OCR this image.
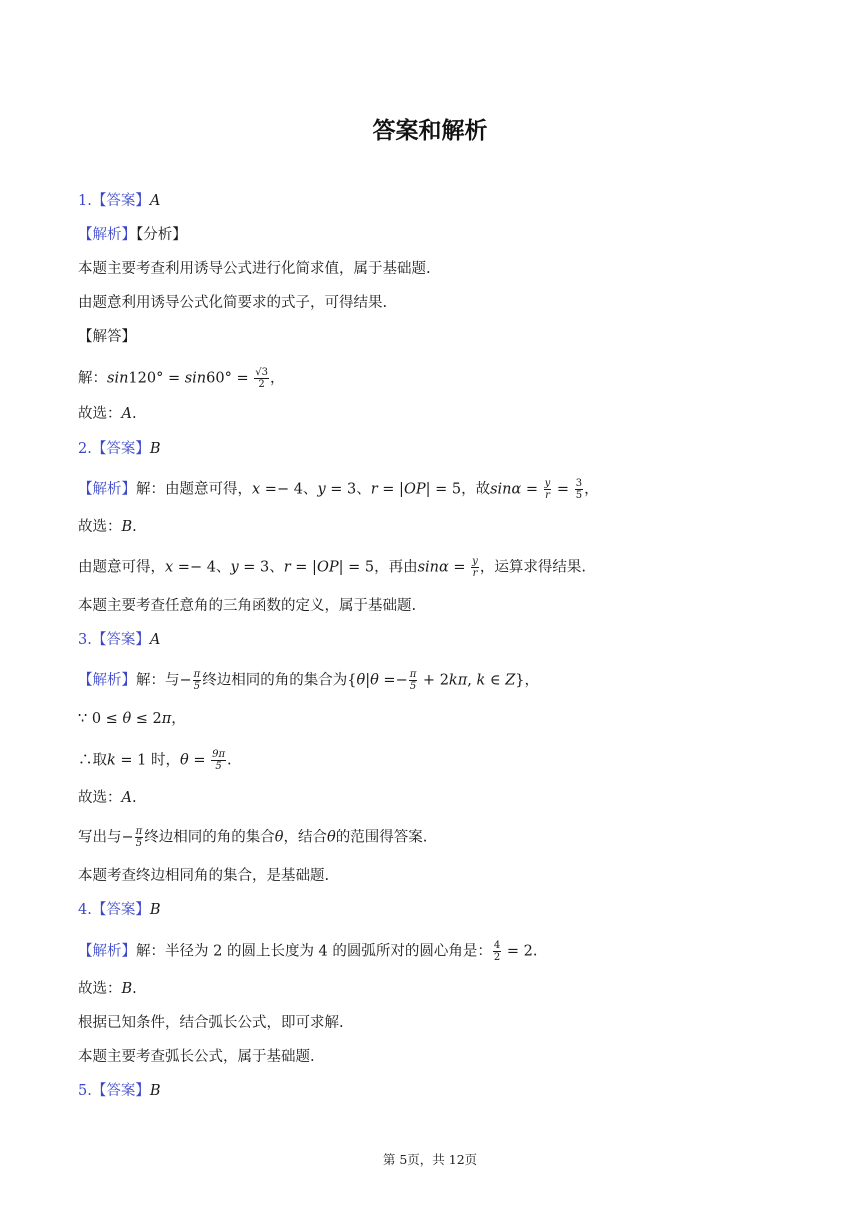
答案和解析
1.【答案】A
【解析】【分析】
本题主要考查利用诱导公式进行化简求值，属于基础题.
由题意利用诱导公式化简要求的式子，可得结果.
【解答】
解：$\sin 120^\circ = \sin 60^\circ = \frac{√3}{2}$ ，
故选：A.
2.【答案】B
【解析】解：由题意可得，x =− 4、y = 3、r = |OP| = 5，故$\sin\alpha = \frac{y}{r} = \frac{3}{5}$ ，
故选：B.
由题意可得，x =− 4、y = 3、r = |OP| = 5，再由$\sin\alpha = \frac{y}{r}$ ，运算求得结果.
本题主要考查任意角的三角函数的定义，属于基础题.
3.【答案】A
【解析】解：与− $\frac{\pi}{5}$ 终边相同的角的集合为{$\theta|\theta =- \frac{\pi}{5} + 2k\pi$, k ∈ Z}，
∵ 0 ≤ θ ≤ 2π，
∴取k = 1 时，$\theta = \frac{9\pi}{5}$ .
故选：A.
写出与− $\frac{\pi}{5}$ 终边相同的角的集合θ，结合θ的范围得答案.
本题考查终边相同角的集合，是基础题.
4.【答案】B
【解析】解：半径为 2 的圆上长度为 4 的圆弧所对的圆心角是： $\frac{4}{2} = 2$.
故选：B.
根据已知条件，结合弧长公式，即可求解.
本题主要考查弧长公式，属于基础题.
5.【答案】B
第 5页，共 12页
